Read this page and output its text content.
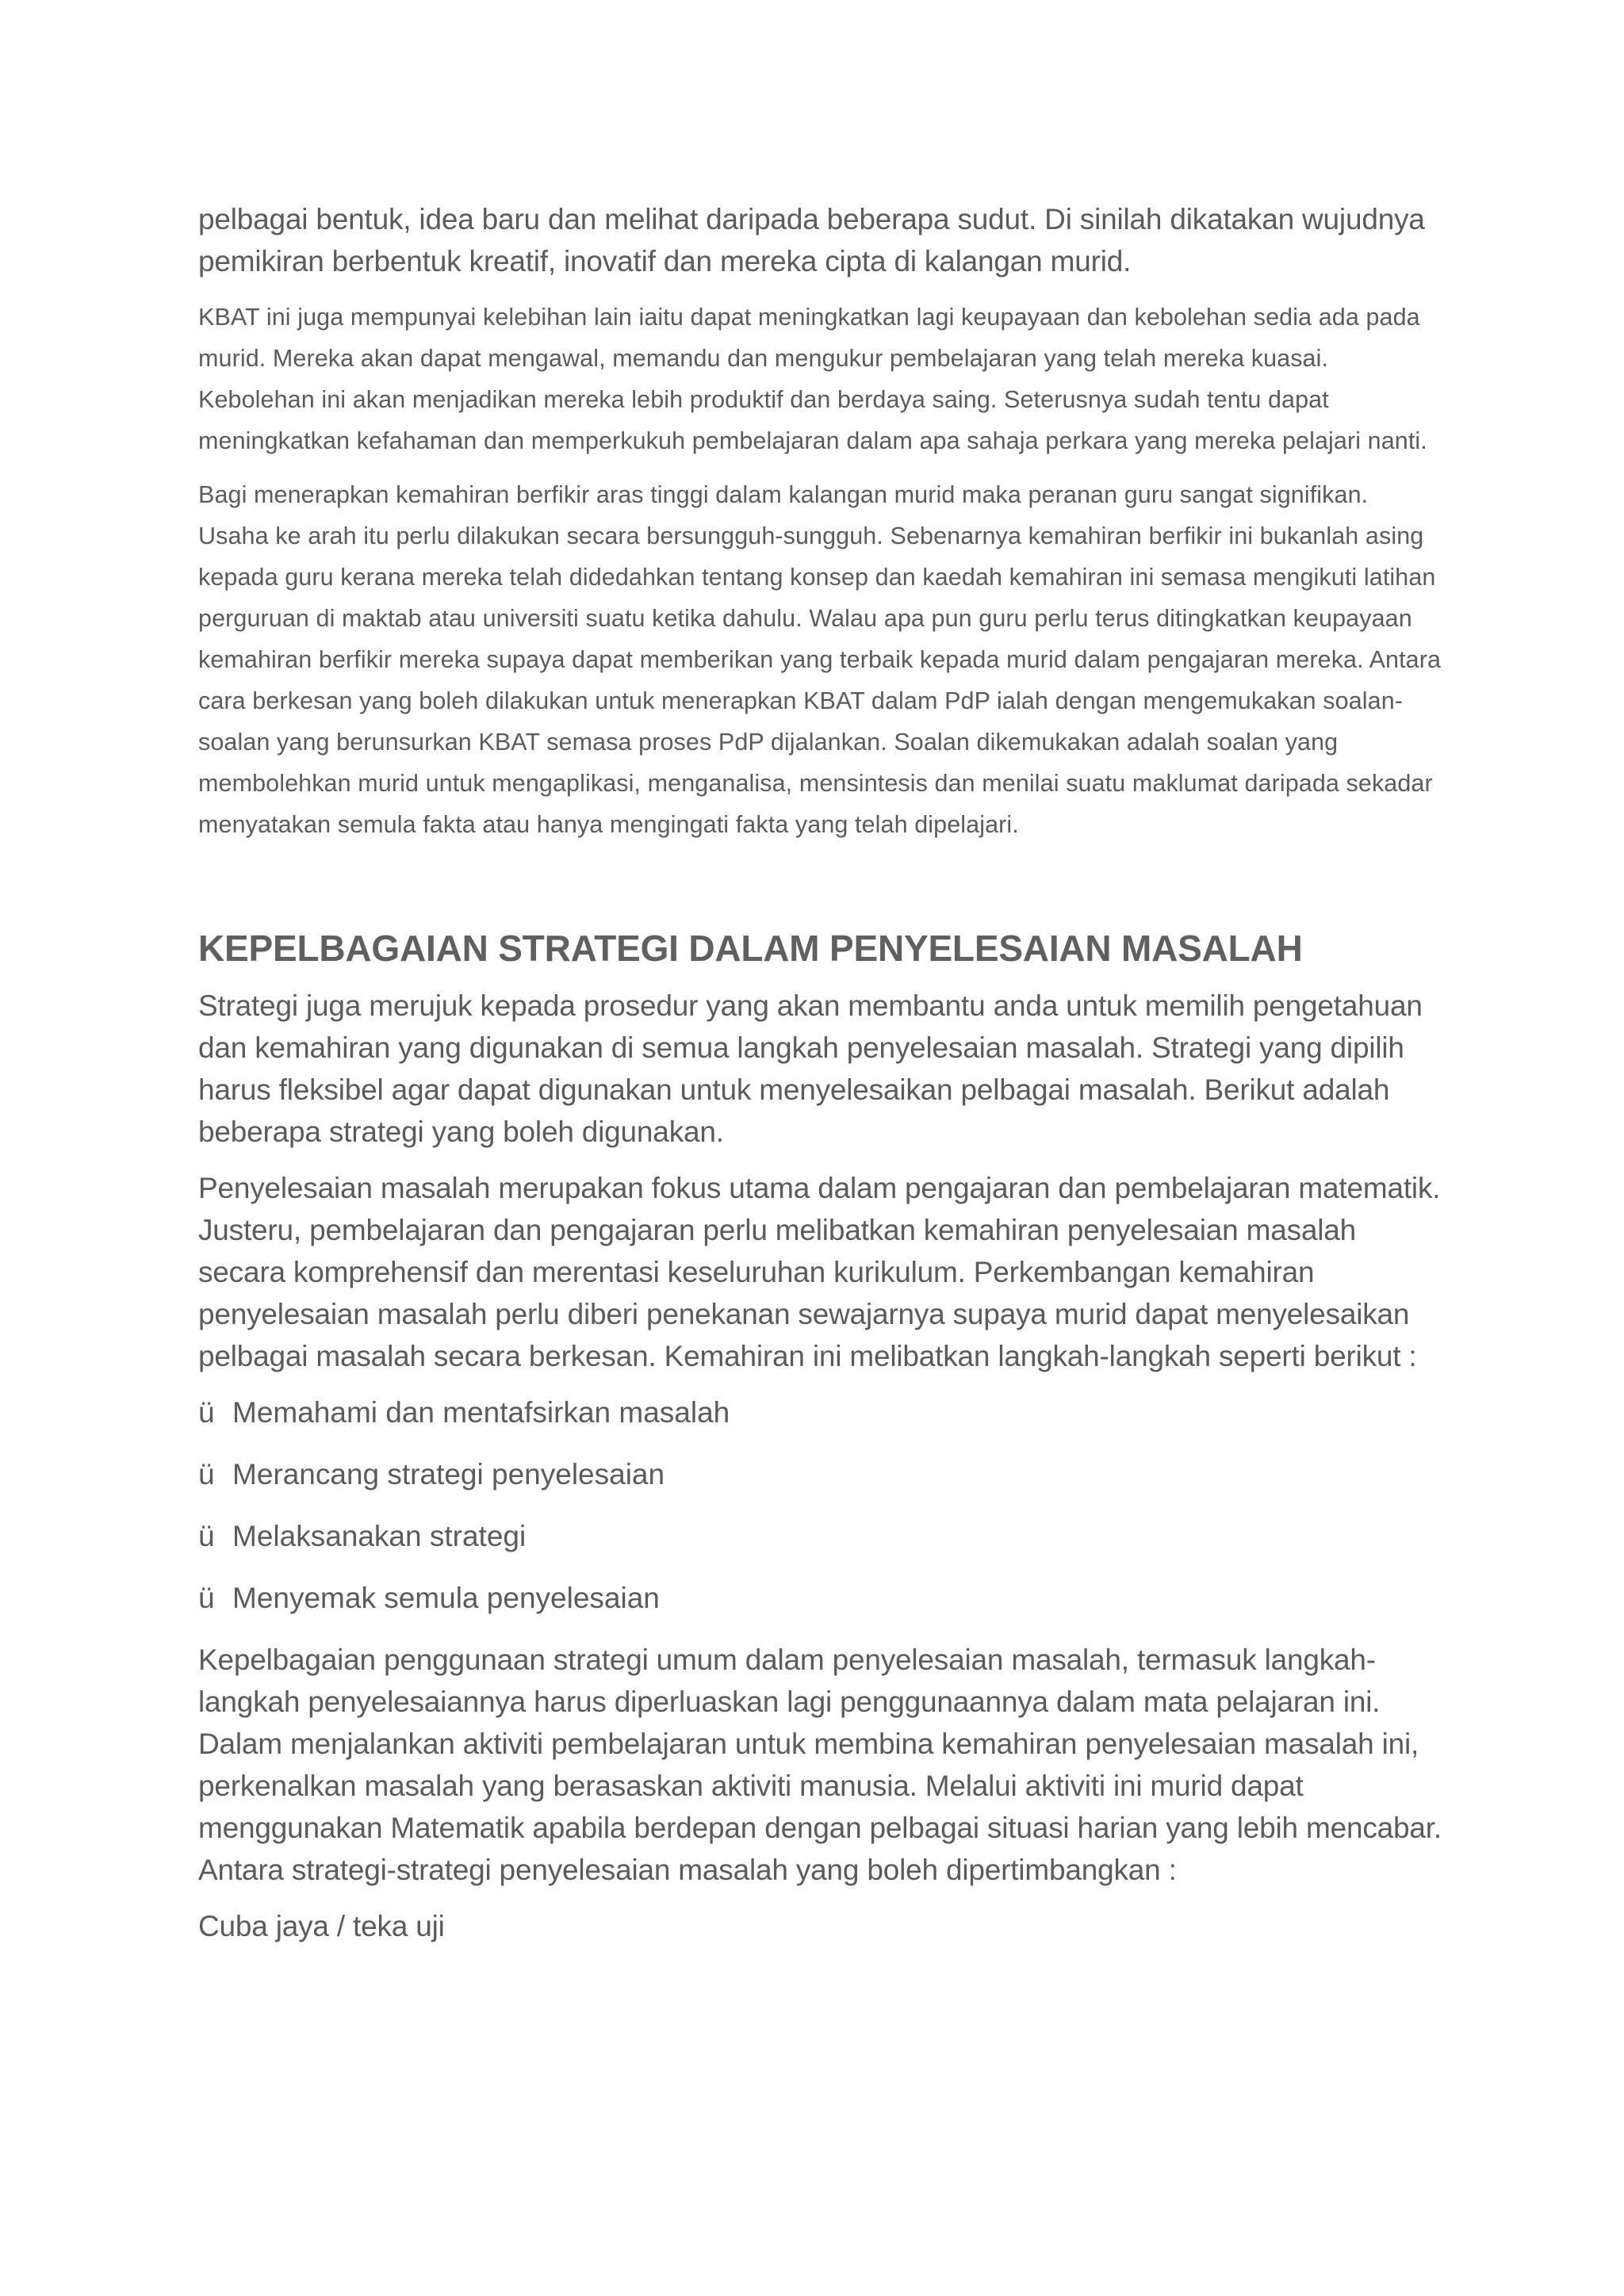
pelbagai bentuk, idea baru dan melihat daripada beberapa sudut. Di sinilah dikatakan wujudnya pemikiran berbentuk kreatif, inovatif dan mereka cipta di kalangan murid.

KBAT ini juga mempunyai kelebihan lain iaitu dapat meningkatkan lagi keupayaan dan kebolehan sedia ada pada murid. Mereka akan dapat mengawal, memandu dan mengukur pembelajaran yang telah mereka kuasai. Kebolehan ini akan menjadikan mereka lebih produktif dan berdaya saing. Seterusnya sudah tentu dapat meningkatkan kefahaman dan memperkukuh pembelajaran dalam apa sahaja perkara yang mereka pelajari nanti.

Bagi menerapkan kemahiran berfikir aras tinggi dalam kalangan murid maka peranan guru sangat signifikan. Usaha ke arah itu perlu dilakukan secara bersungguh-sungguh. Sebenarnya kemahiran berfikir ini bukanlah asing kepada guru kerana mereka telah didedahkan tentang konsep dan kaedah kemahiran ini semasa mengikuti latihan perguruan di maktab atau universiti suatu ketika dahulu. Walau apa pun guru perlu terus ditingkatkan keupayaan kemahiran berfikir mereka supaya dapat memberikan yang terbaik kepada murid dalam pengajaran mereka. Antara cara berkesan yang boleh dilakukan untuk menerapkan KBAT dalam PdP ialah dengan mengemukakan soalan-soalan yang berunsurkan KBAT semasa proses PdP dijalankan. Soalan dikemukakan adalah soalan yang membolehkan murid untuk mengaplikasi, menganalisa, mensintesis dan menilai suatu maklumat daripada sekadar menyatakan semula fakta atau hanya mengingati fakta yang telah dipelajari.

KEPELBAGAIAN STRATEGI DALAM PENYELESAIAN MASALAH

Strategi juga merujuk kepada prosedur yang akan membantu anda untuk memilih pengetahuan dan kemahiran yang digunakan di semua langkah penyelesaian masalah. Strategi yang dipilih harus fleksibel agar dapat digunakan untuk menyelesaikan pelbagai masalah. Berikut adalah beberapa strategi yang boleh digunakan.

Penyelesaian masalah merupakan fokus utama dalam pengajaran dan pembelajaran matematik. Justeru, pembelajaran dan pengajaran perlu melibatkan kemahiran penyelesaian masalah secara komprehensif dan merentasi keseluruhan kurikulum. Perkembangan kemahiran penyelesaian masalah perlu diberi penekanan sewajarnya supaya murid dapat menyelesaikan pelbagai masalah secara berkesan. Kemahiran ini melibatkan langkah-langkah seperti berikut :

ü Memahami dan mentafsirkan masalah
ü Merancang strategi penyelesaian
ü Melaksanakan strategi
ü Menyemak semula penyelesaian

Kepelbagaian penggunaan strategi umum dalam penyelesaian masalah, termasuk langkah-langkah penyelesaiannya harus diperluaskan lagi penggunaannya dalam mata pelajaran ini. Dalam menjalankan aktiviti pembelajaran untuk membina kemahiran penyelesaian masalah ini, perkenalkan masalah yang berasaskan aktiviti manusia. Melalui aktiviti ini murid dapat menggunakan Matematik apabila berdepan dengan pelbagai situasi harian yang lebih mencabar. Antara strategi-strategi penyelesaian masalah yang boleh dipertimbangkan :

Cuba jaya / teka uji
